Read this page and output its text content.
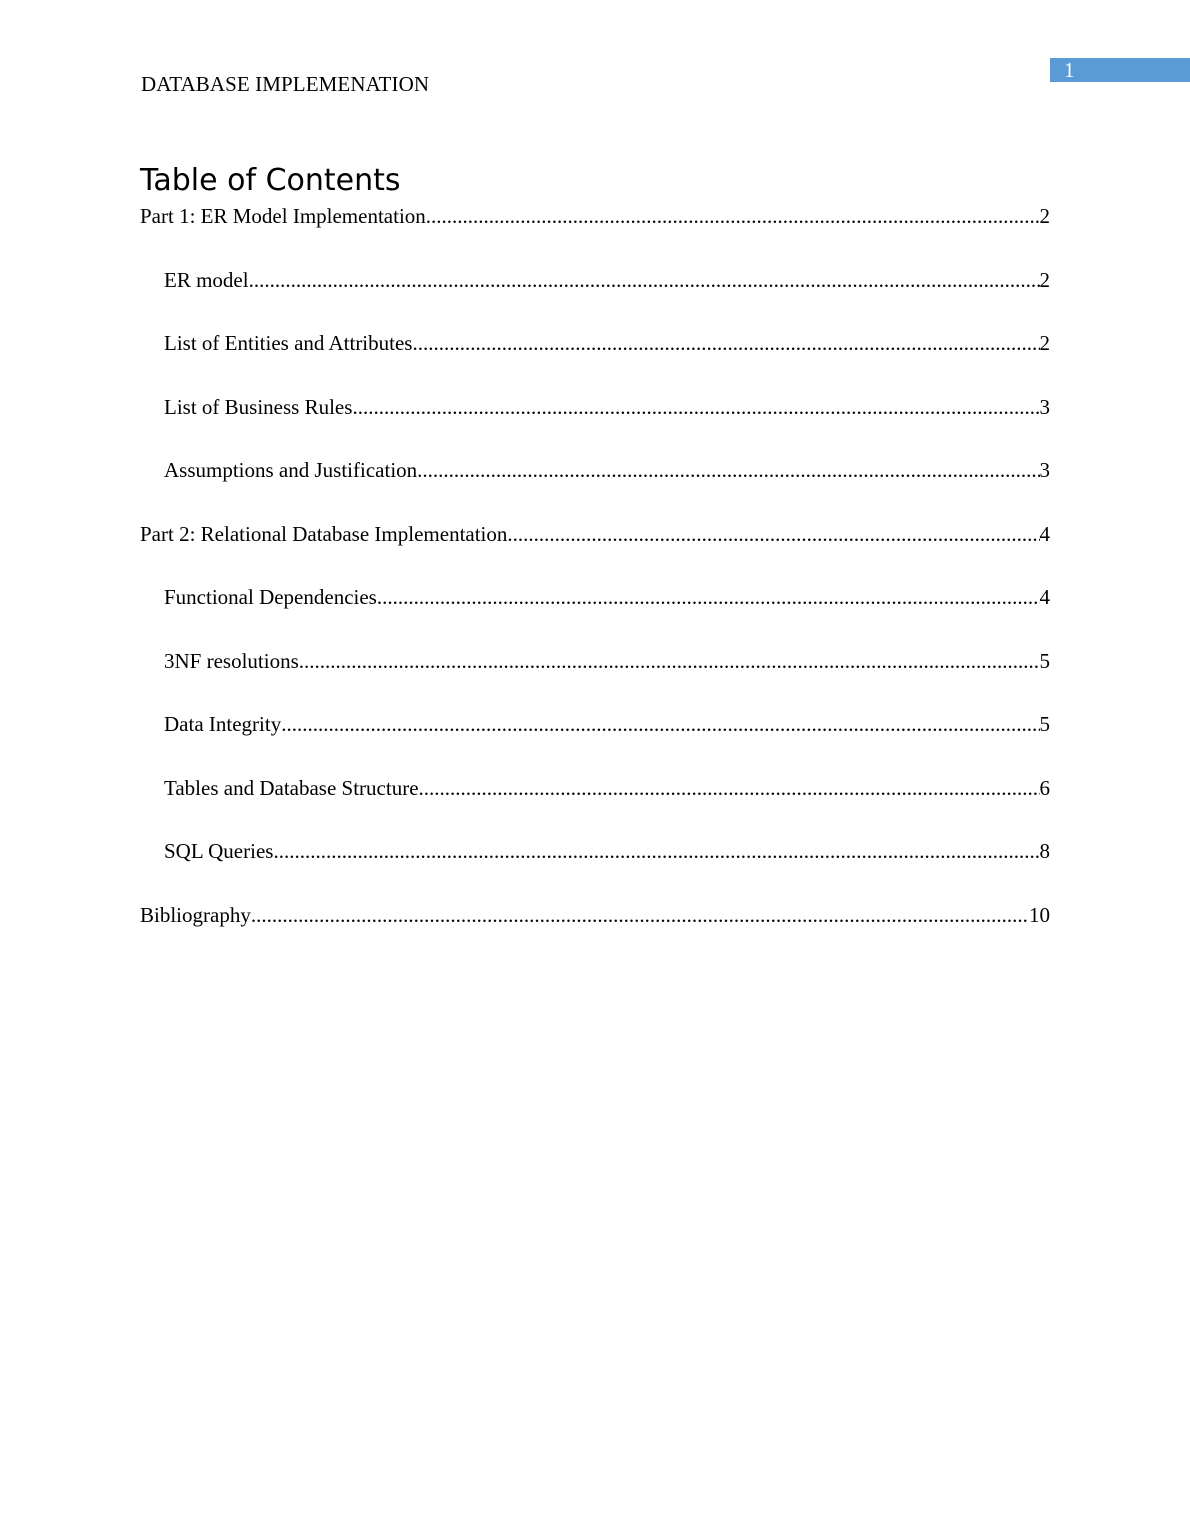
1
DATABASE IMPLEMENATION
Table of Contents
Part 1: ER Model Implementation .....	2
ER model .....	2
List of Entities and Attributes .....	2
List of Business Rules .....	3
Assumptions and Justification .....	3
Part 2: Relational Database Implementation .....	4
Functional Dependencies .....	4
3NF resolutions .....	5
Data Integrity .....	5
Tables and Database Structure .....	6
SQL Queries .....	8
Bibliography .....	10
